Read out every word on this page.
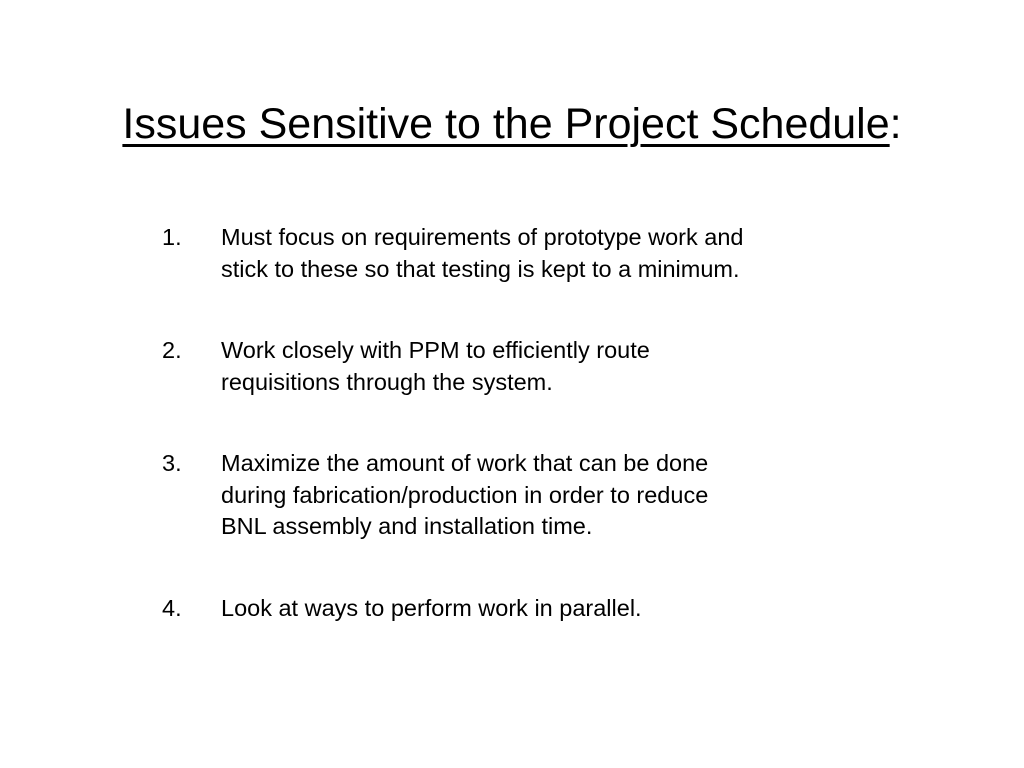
Issues Sensitive to the Project Schedule:
1. Must focus on requirements of prototype work and
stick to these so that testing is kept to a minimum.
2. Work closely with PPM to efficiently route
requisitions through the system.
3. Maximize the amount of work that can be done
during fabrication/production in order to reduce
BNL assembly and installation time.
4. Look at ways to perform work in parallel.
